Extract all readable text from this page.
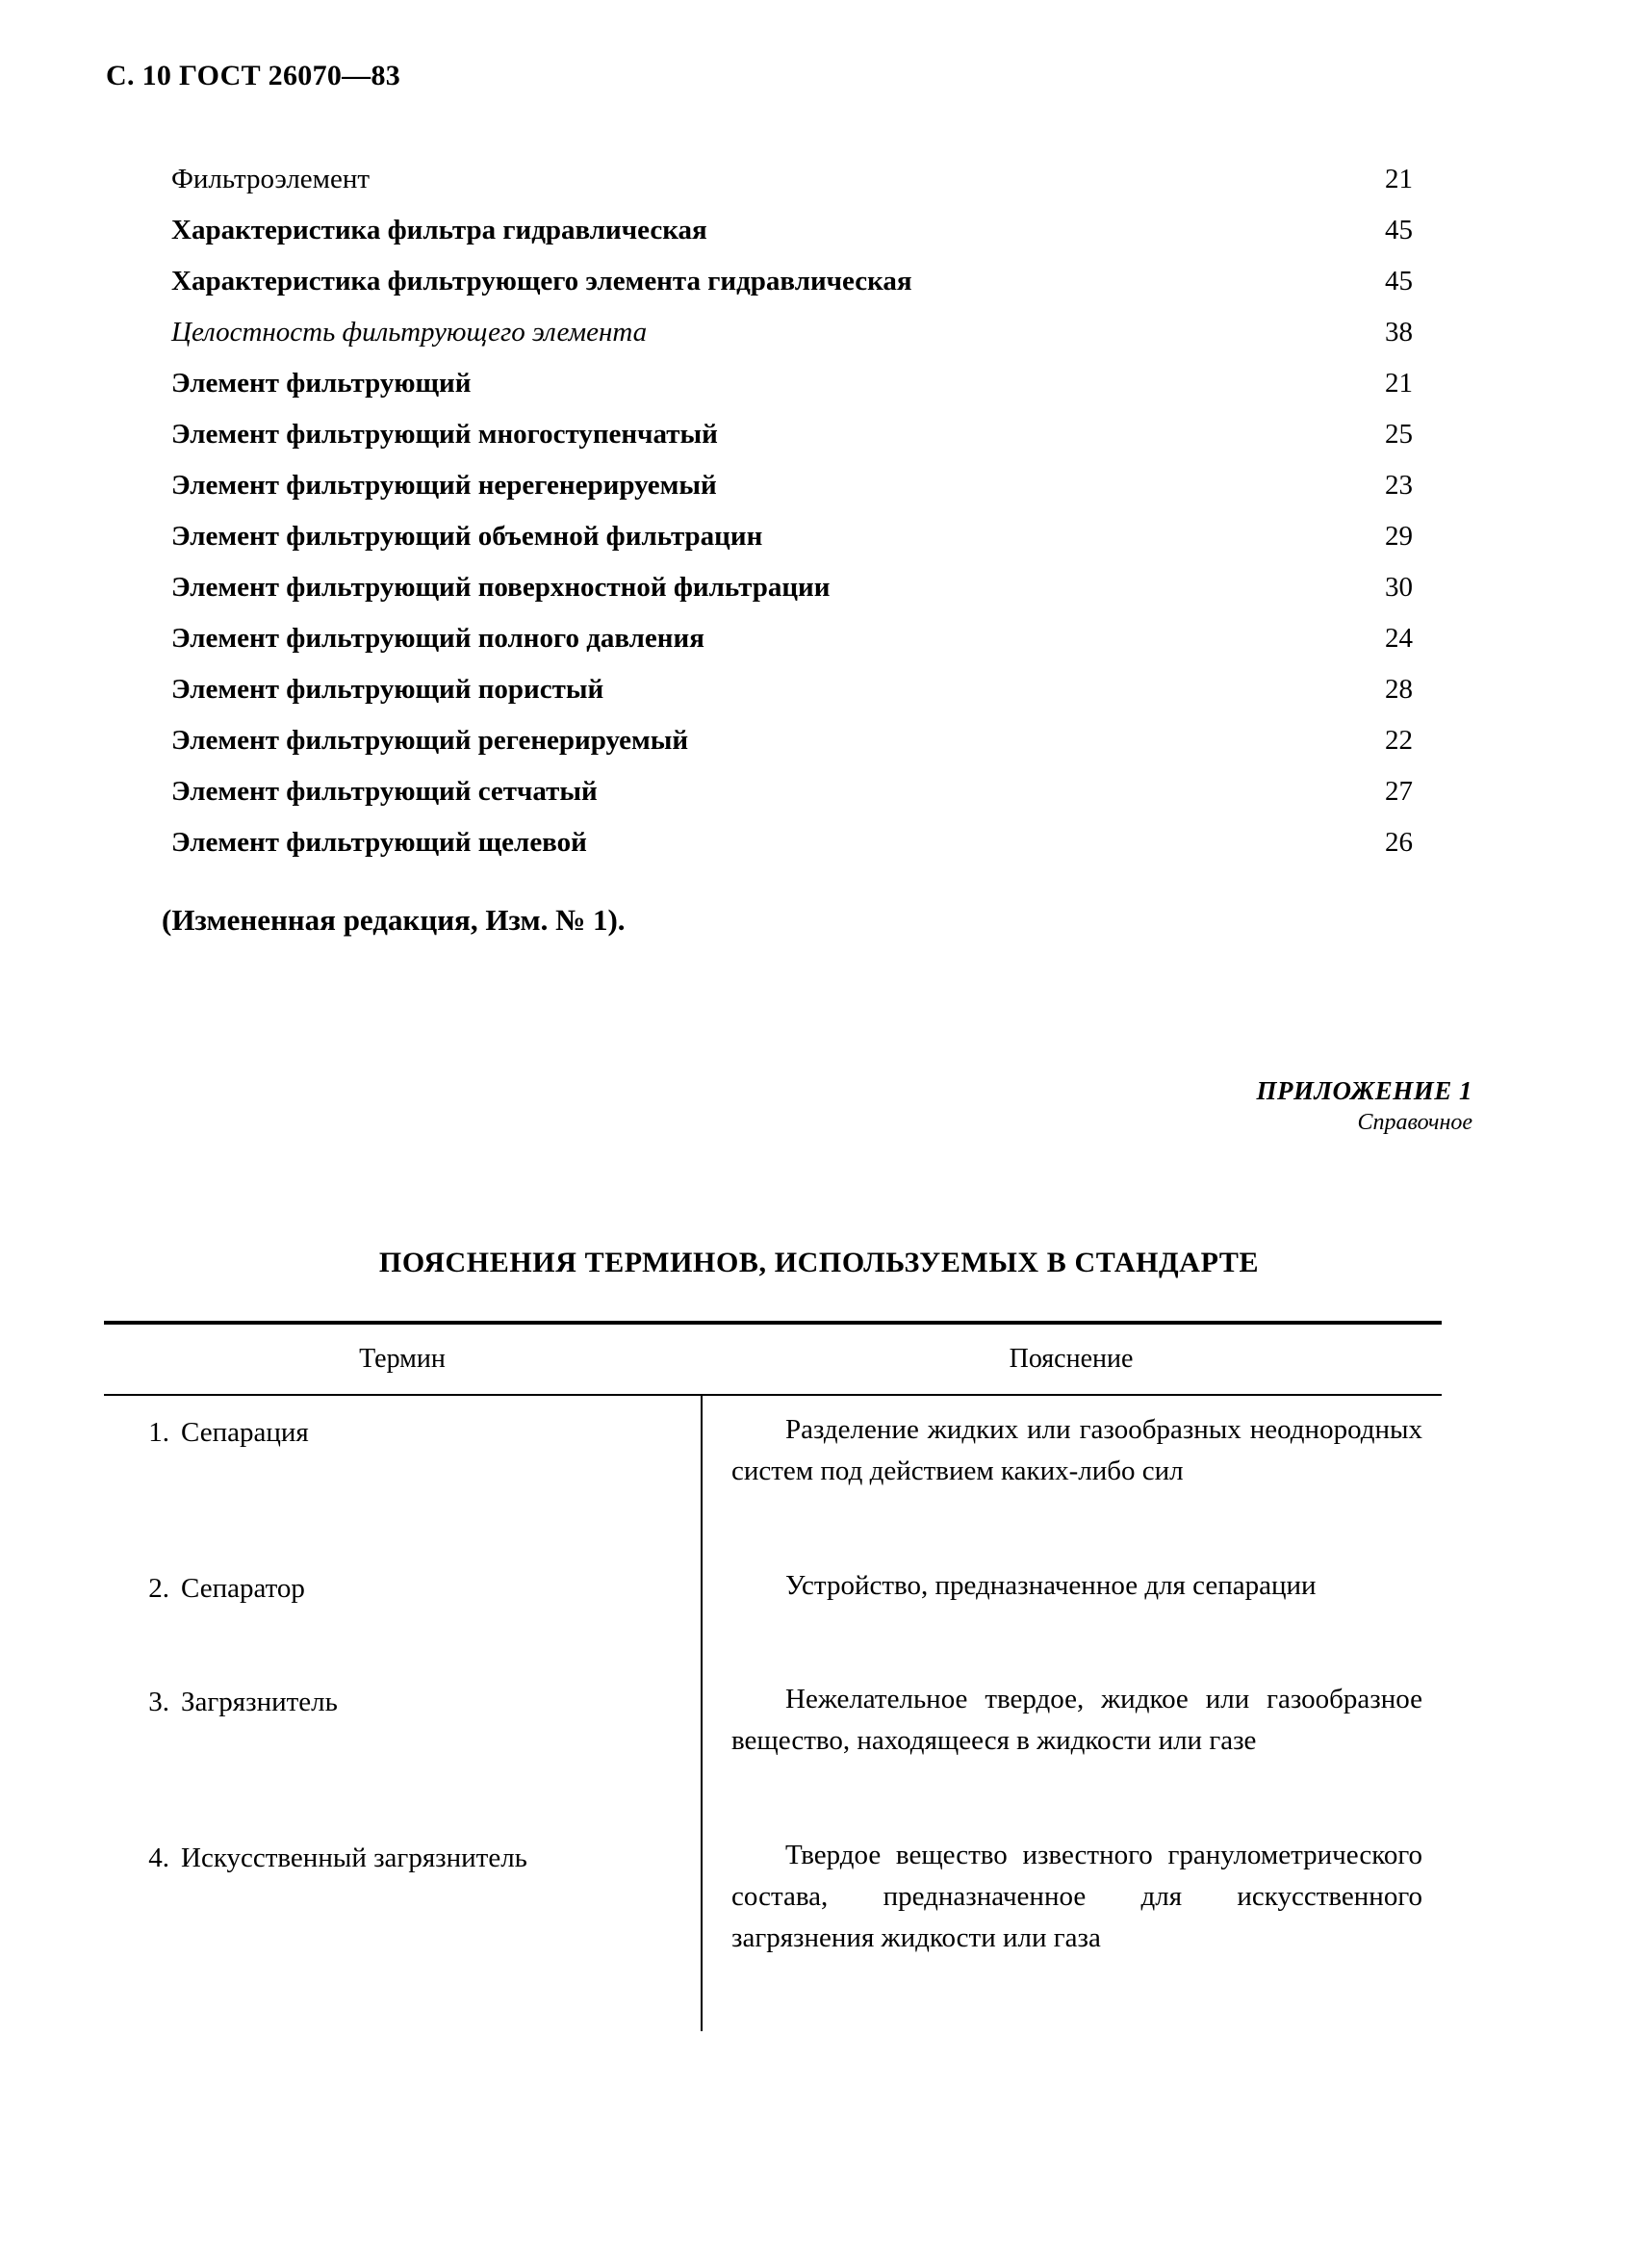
С. 10 ГОСТ 26070—83
Фильтроэлемент	21
Характеристика фильтра гидравлическая	45
Характеристика фильтрующего элемента гидравлическая	45
Целостность фильтрующего элемента	38
Элемент фильтрующий	21
Элемент фильтрующий многоступенчатый	25
Элемент фильтрующий нерегенерируемый	23
Элемент фильтрующий объемной фильтрацин	29
Элемент фильтрующий поверхностной фильтрации	30
Элемент фильтрующий полного давления	24
Элемент фильтрующий пористый	28
Элемент фильтрующий регенерируемый	22
Элемент фильтрующий сетчатый	27
Элемент фильтрующий щелевой	26
(Измененная редакция, Изм. № 1).
ПРИЛОЖЕНИЕ 1
Справочное
ПОЯСНЕНИЯ ТЕРМИНОВ, ИСПОЛЬЗУЕМЫХ В СТАНДАРТЕ
Термин	Пояснение
1. Сепарация	Разделение жидких или газообразных неоднородных систем под действием каких-либо сил
2. Сепаратор	Устройство, предназначенное для сепарации
3. Загрязнитель	Нежелательное твердое, жидкое или газообразное вещество, находящееся в жидкости или газе
4. Искусственный загрязнитель	Твердое вещество известного гранулометрического состава, предназначенное для искусственного загрязнения жидкости или газа
